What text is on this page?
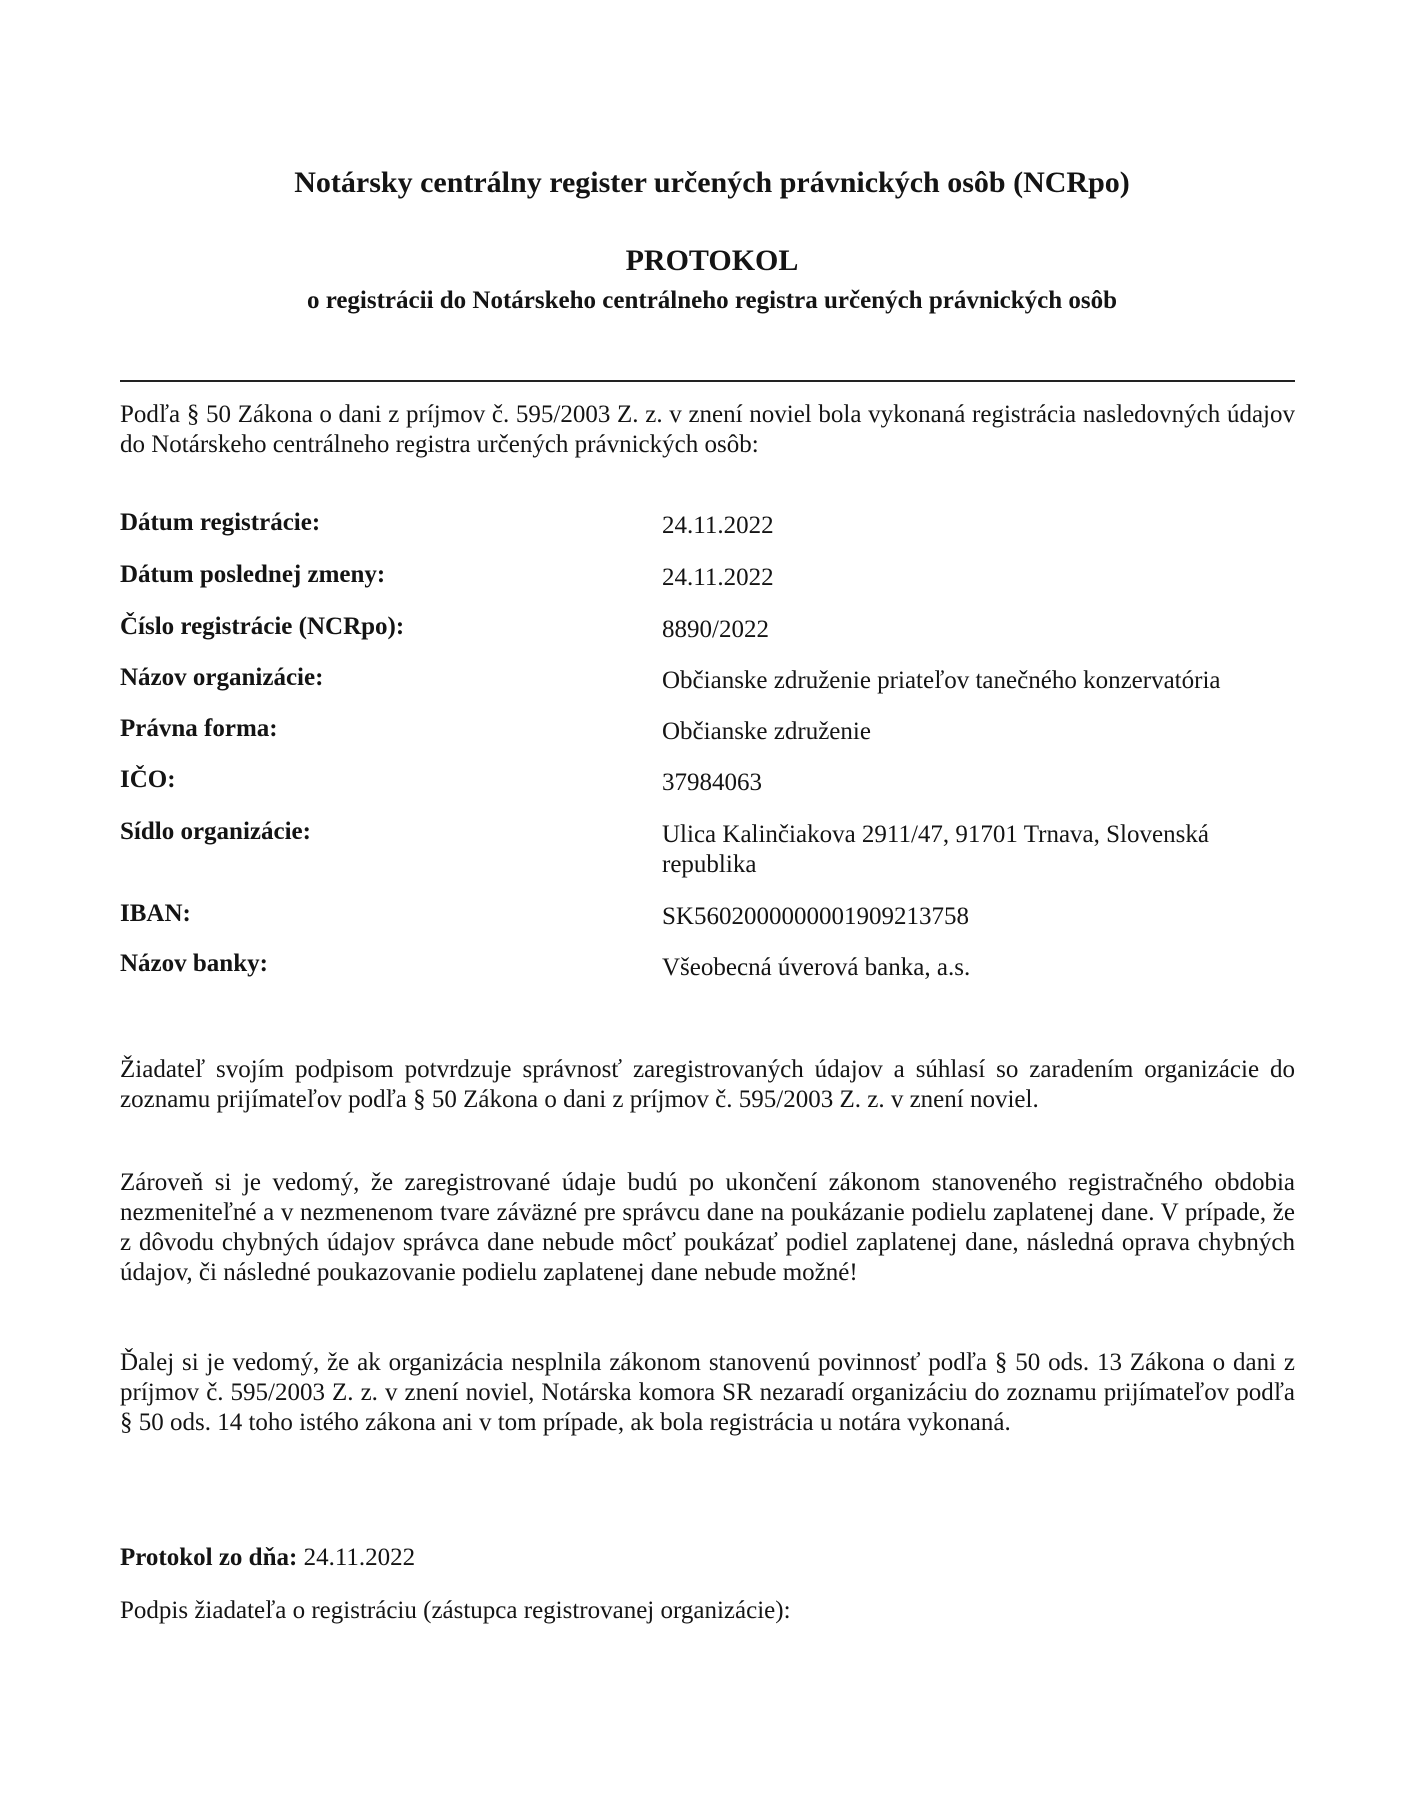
Notársky centrálny register určených právnických osôb (NCRpo)
PROTOKOL
o registrácii do Notárskeho centrálneho registra určených právnických osôb
Podľa § 50 Zákona o dani z príjmov č. 595/2003 Z. z. v znení noviel bola vykonaná registrácia nasledovných údajov do Notárskeho centrálneho registra určených právnických osôb:
Dátum registrácie:	24.11.2022
Dátum poslednej zmeny:	24.11.2022
Číslo registrácie (NCRpo):	8890/2022
Názov organizácie:	Občianske združenie priateľov tanečného konzervatória
Právna forma:	Občianske združenie
IČO:	37984063
Sídlo organizácie:	Ulica Kalinčiakova 2911/47, 91701 Trnava, Slovenská republika
IBAN:	SK5602000000001909213758
Názov banky:	Všeobecná úverová banka, a.s.
Žiadateľ svojím podpisom potvrdzuje správnosť zaregistrovaných údajov a súhlasí so zaradením organizácie do zoznamu prijímateľov podľa § 50 Zákona o dani z príjmov č. 595/2003 Z. z. v znení noviel.
Zároveň si je vedomý, že zaregistrované údaje budú po ukončení zákonom stanoveného registračného obdobia nezmeniteľné a v nezmenenom tvare záväzné pre správcu dane na poukázanie podielu zaplatenej dane. V prípade, že z dôvodu chybných údajov správca dane nebude môcť poukázať podiel zaplatenej dane, následná oprava chybných údajov, či následné poukazovanie podielu zaplatenej dane nebude možné!
Ďalej si je vedomý, že ak organizácia nesplnila zákonom stanovenú povinnosť podľa § 50 ods. 13 Zákona o dani z príjmov č. 595/2003 Z. z. v znení noviel, Notárska komora SR nezaradí organizáciu do zoznamu prijímateľov podľa § 50 ods. 14 toho istého zákona ani v tom prípade, ak bola registrácia u notára vykonaná.
Protokol zo dňa: 24.11.2022
Podpis žiadateľa o registráciu (zástupca registrovanej organizácie):
